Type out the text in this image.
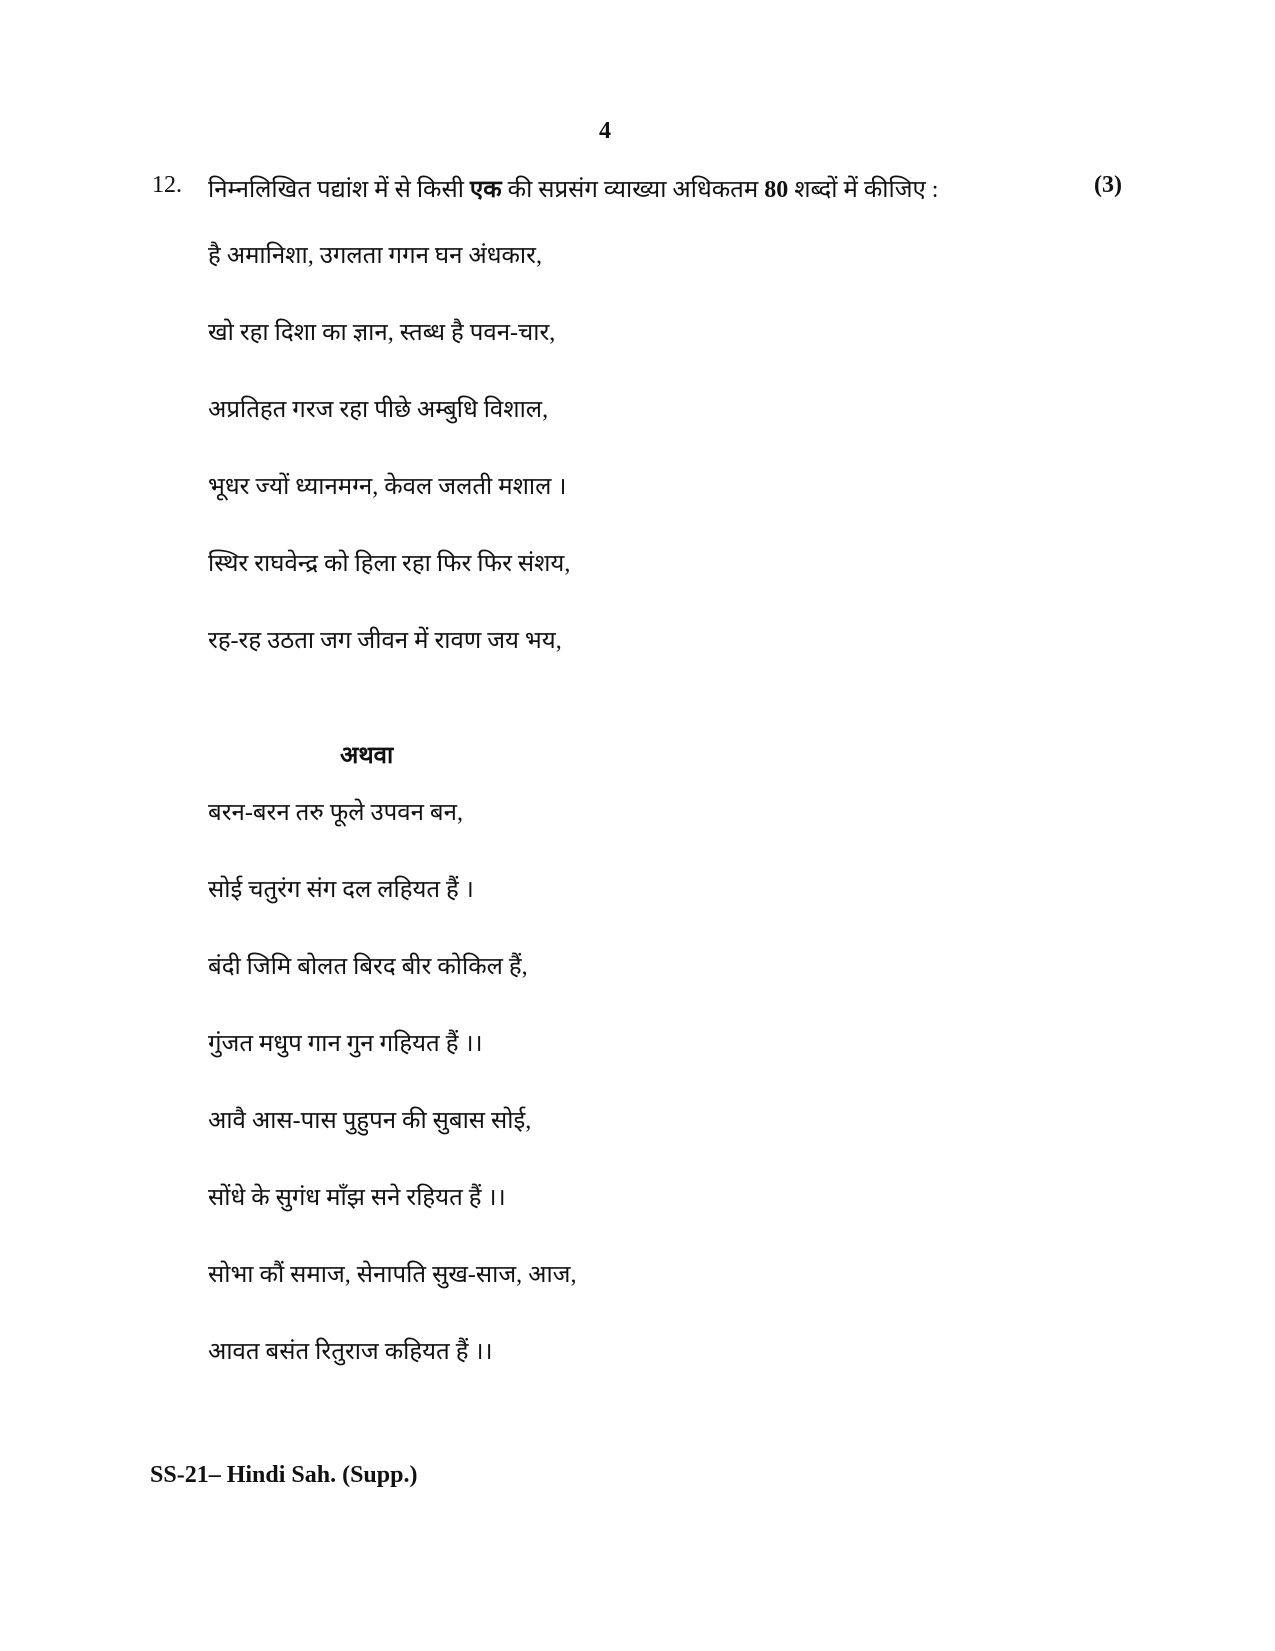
4
12. निम्नलिखित पद्यांश में से किसी एक की सप्रसंग व्याख्या अधिकतम 80 शब्दों में कीजिए :	(3)
है अमानिशा, उगलता गगन घन अंधकार,
खो रहा दिशा का ज्ञान, स्तब्ध है पवन-चार,
अप्रतिहत गरज रहा पीछे अम्बुधि विशाल,
भूधर ज्यों ध्यानमग्न, केवल जलती मशाल ।
स्थिर राघवेन्द्र को हिला रहा फिर फिर संशय,
रह-रह उठता जग जीवन में रावण जय भय,
अथवा
बरन-बरन तरु फूले उपवन बन,
सोई चतुरंग संग दल लहियत हैं ।
बंदी जिमि बोलत बिरद बीर कोकिल हैं,
गुंजत मधुप गान गुन गहियत हैं ।।
आवै आस-पास पुहुपन की सुबास सोई,
सोंधे के सुगंध माँझ सने रहियत हैं ।।
सोभा कौं समाज, सेनापति सुख-साज, आज,
आवत बसंत रितुराज कहियत हैं ।।
SS-21– Hindi Sah. (Supp.)
